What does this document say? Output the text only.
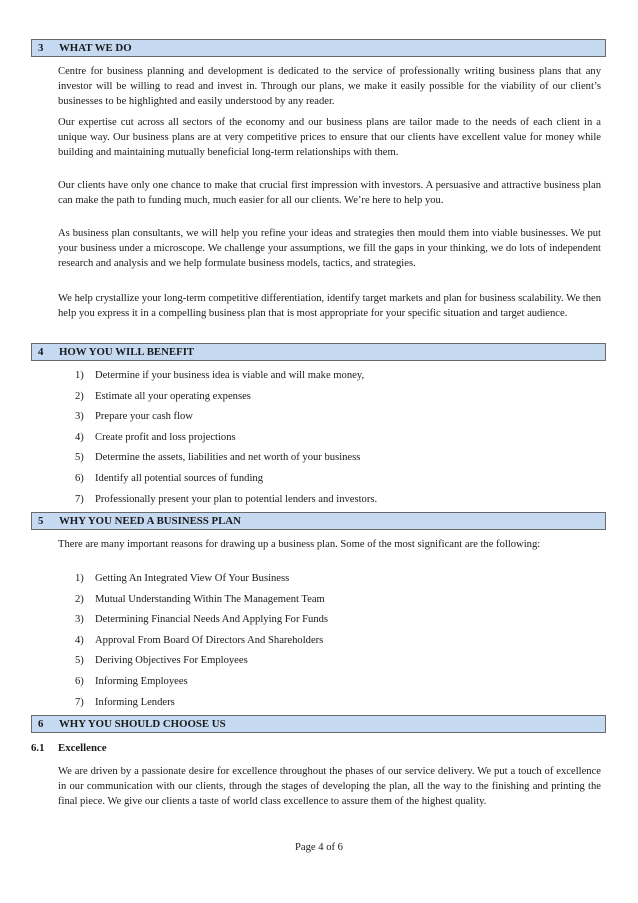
3 WHAT WE DO

Centre for business planning and development is dedicated to the service of professionally writing business plans that any investor will be willing to read and invest in. Through our plans, we make it easily possible for the viability of our client’s businesses to be highlighted and easily understood by any reader.

Our expertise cut across all sectors of the economy and our business plans are tailor made to the needs of each client in a unique way. Our business plans are at very competitive prices to ensure that our clients have excellent value for money while building and maintaining mutually beneficial long-term relationships with them.

Our clients have only one chance to make that crucial first impression with investors. A persuasive and attractive business plan can make the path to funding much, much easier for all our clients. We’re here to help you.

As business plan consultants, we will help you refine your ideas and strategies then mould them into viable businesses. We put your business under a microscope. We challenge your assumptions, we fill the gaps in your thinking, we do lots of independent research and analysis and we help formulate business models, tactics, and strategies.

We help crystallize your long-term competitive differentiation, identify target markets and plan for business scalability. We then help you express it in a compelling business plan that is most appropriate for your specific situation and target audience.

4 HOW YOU WILL BENEFIT
1) Determine if your business idea is viable and will make money,
2) Estimate all your operating expenses
3) Prepare your cash flow
4) Create profit and loss projections
5) Determine the assets, liabilities and net worth of your business
6) Identify all potential sources of funding
7) Professionally present your plan to potential lenders and investors.
5 WHY YOU NEED A BUSINESS PLAN

There are many important reasons for drawing up a business plan. Some of the most significant are the following:

1) Getting An Integrated View Of Your Business
2) Mutual Understanding Within The Management Team
3) Determining Financial Needs And Applying For Funds
4) Approval From Board Of Directors And Shareholders
5) Deriving Objectives For Employees
6) Informing Employees
7) Informing Lenders
6 WHY YOU SHOULD CHOOSE US
6.1 Excellence

We are driven by a passionate desire for excellence throughout the phases of our service delivery. We put a touch of excellence in our communication with our clients, through the stages of developing the plan, all the way to the finishing and printing the final piece. We give our clients a taste of world class excellence to assure them of the highest quality.

Page 4 of 6
